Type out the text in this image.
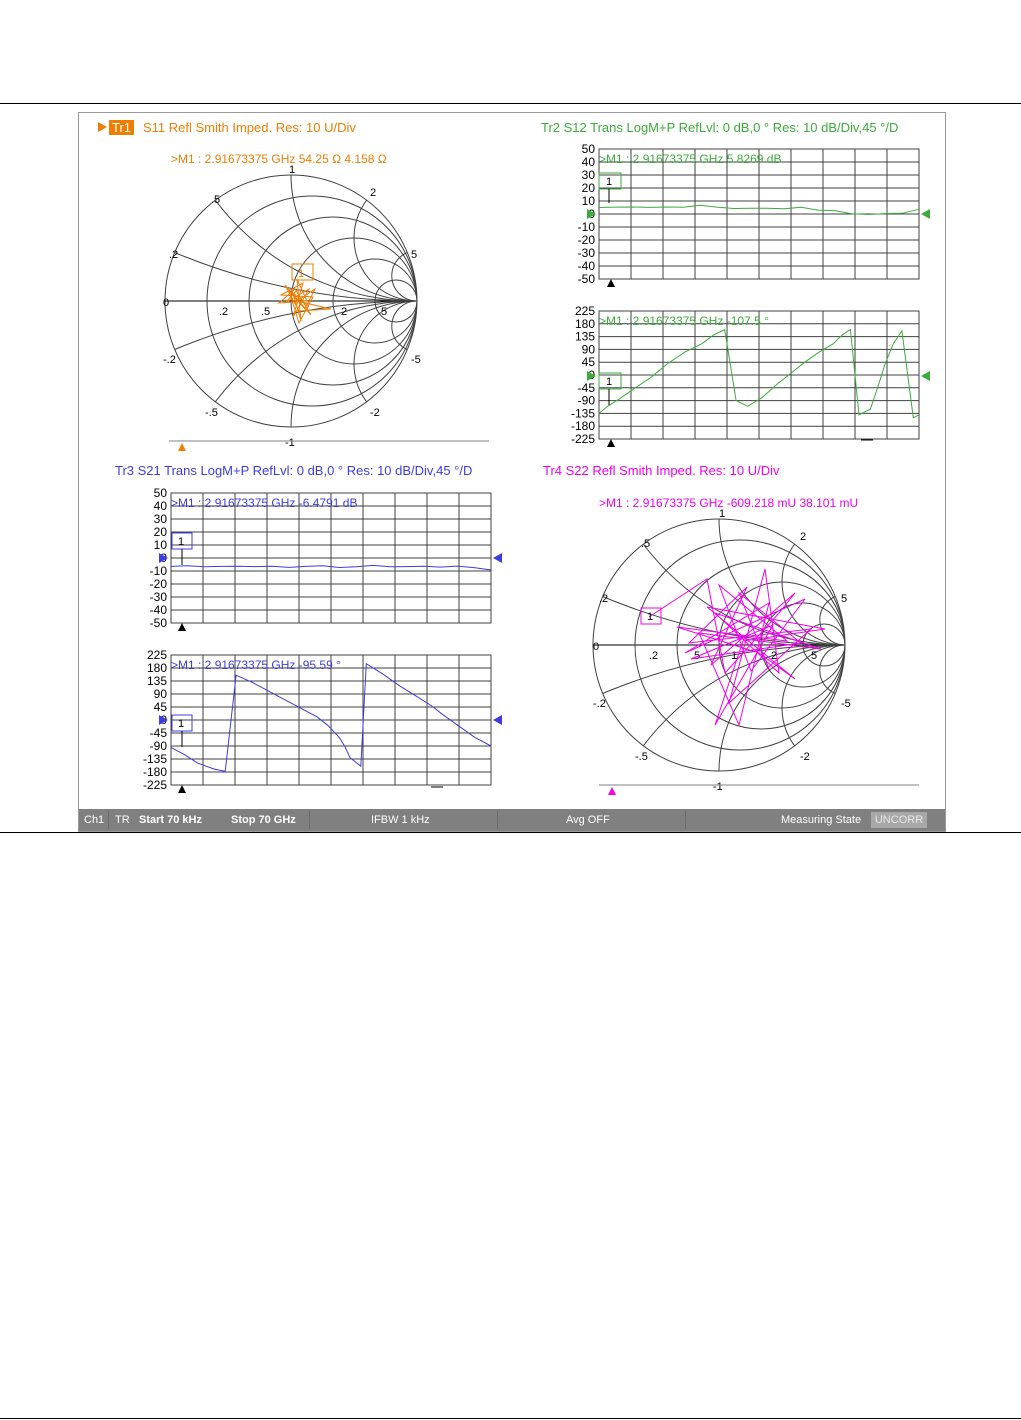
Tr1 S11 Refl Smith Imped. Res: 10 U/Div
>M1 : 2.91673375 GHz 54.25 Ω 4.158 Ω
1
-1
0
2
.5
.2	5
.2	.5	2	5
-.2	-5
-.5	-2
1
Tr2 S12 Trans LogM+P RefLvl: 0 dB,0 ° Res: 10 dB/Div,45 °/D
50
40
30
20
10
-10
-20
-30
-40
-50
>M1 : 2.91673375 GHz 5.8269 dB
1
225
180
135
90
45
-45
-90
-135
-180
-225
>M1 : 2.91673375 GHz -107.5 °
1
Tr3 S21 Trans LogM+P RefLvl: 0 dB,0 ° Res: 10 dB/Div,45 °/D
50
40
30
20
10
-10
-20
-30
-40
-50
>M1 : 2.91673375 GHz -6.4791 dB
1
225
180
135
90
45
-45
-90
-135
-180
-225
>M1 : 2.91673375 GHz -95.59 °
1
Tr4 S22 Refl Smith Imped. Res: 10 U/Div
>M1 : 2.91673375 GHz -609.218 mU 38.101 mU
1
-1
0
2
.5
.2	5
.2	.5	1	2	5
-.2	-5
-.5	-2
1
Ch1 TR Start 70 kHz	Stop 70 GHz	IFBW 1 kHz	Avg OFF	Measuring State	UNCORR
